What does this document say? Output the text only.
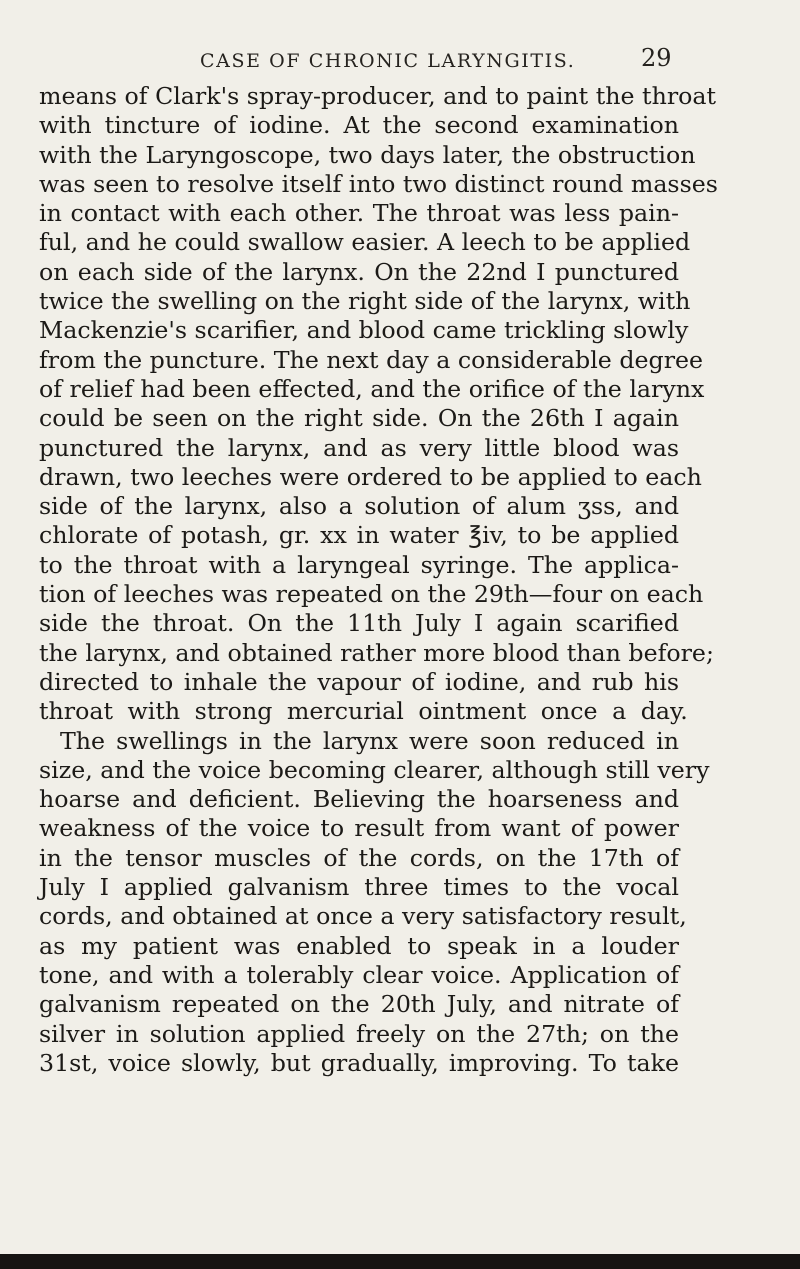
CASE OF CHRONIC LARYNGITIS.	29
means of Clark's spray-producer, and to paint the throat
with tincture of iodine. At the second examination
with the Laryngoscope, two days later, the obstruction
was seen to resolve itself into two distinct round masses
in contact with each other. The throat was less pain-
ful, and he could swallow easier. A leech to be applied
on each side of the larynx. On the 22nd I punctured
twice the swelling on the right side of the larynx, with
Mackenzie's scarifier, and blood came trickling slowly
from the puncture. The next day a considerable degree
of relief had been effected, and the orifice of the larynx
could be seen on the right side. On the 26th I again
punctured the larynx, and as very little blood was
drawn, two leeches were ordered to be applied to each
side of the larynx, also a solution of alum ʒss, and
chlorate of potash, gr. xx in water ℥iv, to be applied
to the throat with a laryngeal syringe. The applica-
tion of leeches was repeated on the 29th—four on each
side the throat. On the 11th July I again scarified
the larynx, and obtained rather more blood than before;
directed to inhale the vapour of iodine, and rub his
throat with strong mercurial ointment once a day.
The swellings in the larynx were soon reduced in
size, and the voice becoming clearer, although still very
hoarse and deficient. Believing the hoarseness and
weakness of the voice to result from want of power
in the tensor muscles of the cords, on the 17th of
July I applied galvanism three times to the vocal
cords, and obtained at once a very satisfactory result,
as my patient was enabled to speak in a louder
tone, and with a tolerably clear voice. Application of
galvanism repeated on the 20th July, and nitrate of
silver in solution applied freely on the 27th; on the
31st, voice slowly, but gradually, improving. To take
